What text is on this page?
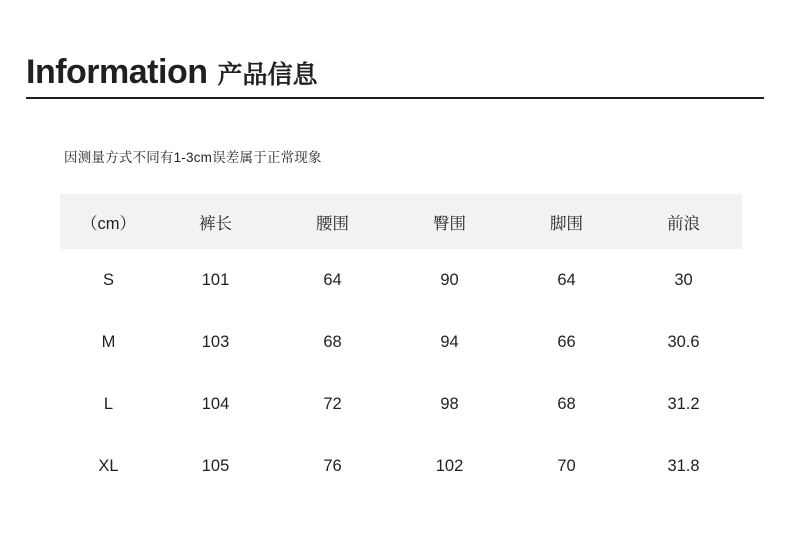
Information 产品信息
因测量方式不同有1-3cm误差属于正常现象
（cm）	裤长	腰围	臀围	脚围	前浪
S	101	64	90	64	30
M	103	68	94	66	30.6
L	104	72	98	68	31.2
XL	105	76	102	70	31.8
